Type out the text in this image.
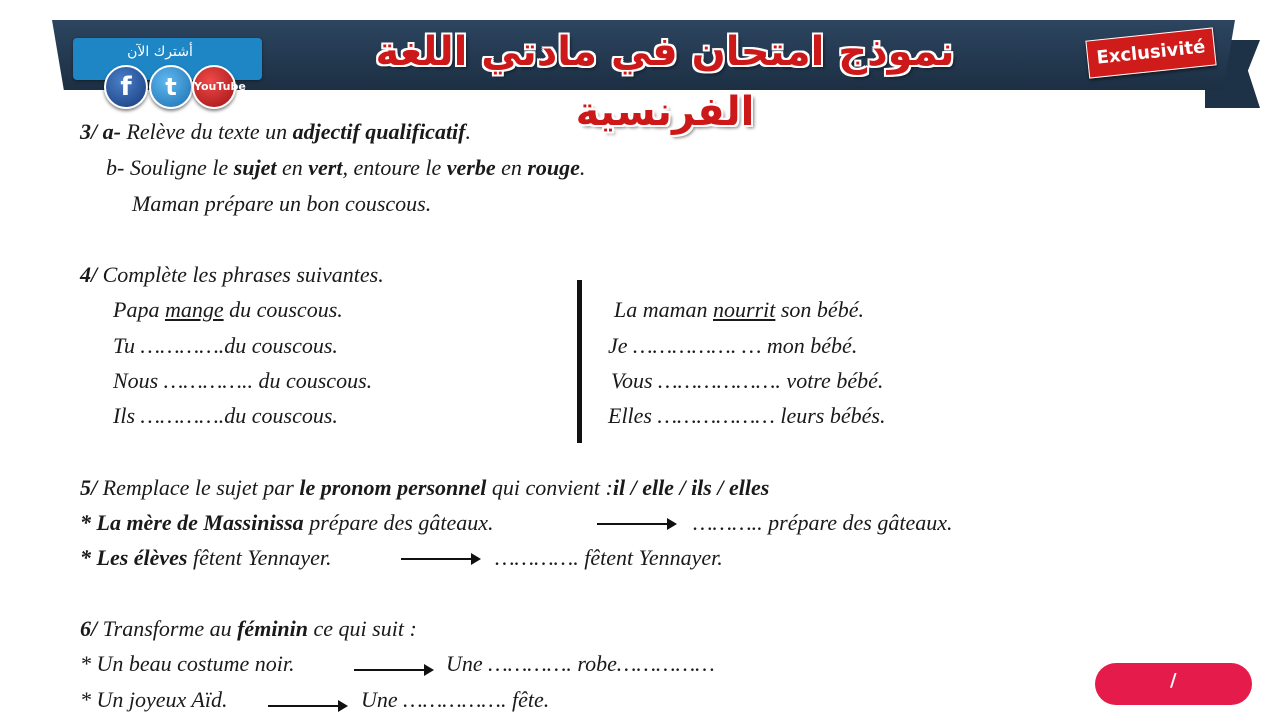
نموذج امتحان في مادتي اللغة الفرنسية
أشترك الآن
f	t	YouTube
Exclusivité
3/ a- Relève du texte un adjectif qualificatif.
b- Souligne le sujet en vert, entoure le verbe en rouge.
Maman prépare un bon couscous.
4/ Complète les phrases suivantes.
Papa mange du couscous.
Tu ………….du couscous.
Nous ………….. du couscous.
Ils ………….du couscous.
La maman nourrit son bébé.
Je ……………. … mon bébé.
Vous ………………. votre bébé.
Elles ……………… leurs bébés.
5/ Remplace le sujet par le pronom personnel qui convient :il / elle / ils / elles
* La mère de Massinissa prépare des gâteaux.	……….. prépare des gâteaux.
* Les élèves fêtent Yennayer.	…………. fêtent Yennayer.
6/ Transforme au féminin ce qui suit :
* Un beau costume noir.	Une …………. robe……………
* Un joyeux Aïd.	Une ……………. fête.
/
